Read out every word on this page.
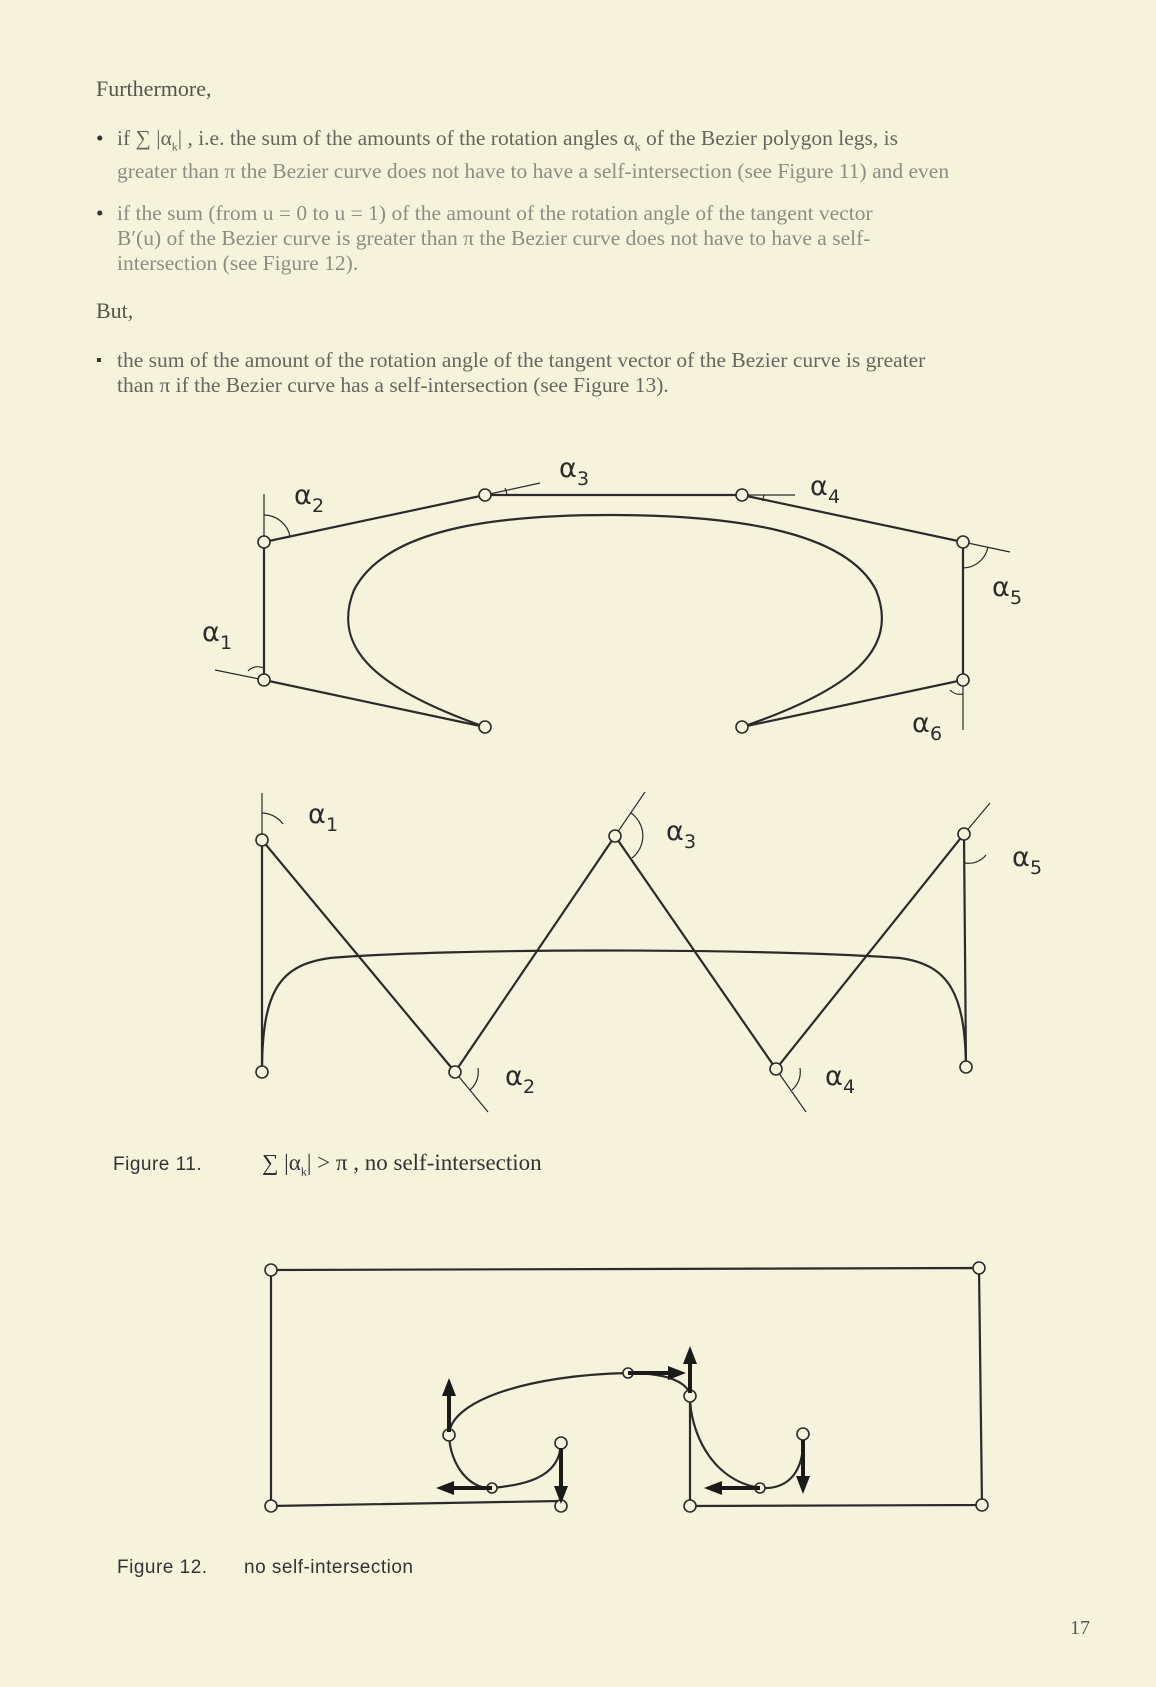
Furthermore,
• if ∑ $|\alpha_k|$ , i.e. the sum of the amounts of the rotation angles $\alpha_k$ of the Bezier polygon legs, is
greater than π the Bezier curve does not have to have a self-intersection (see Figure 11) and even
• if the sum (from u = 0 to u = 1) of the amount of the rotation angle of the tangent vector
B′(u) of the Bezier curve is greater than π the Bezier curve does not have to have a self-
intersection (see Figure 12).
But,
▪ the sum of the amount of the rotation angle of the tangent vector of the Bezier curve is greater
than π if the Bezier curve has a self-intersection (see Figure 13).
α 1
α 2
α 3	α 4
α 5
α 6
α 1
α 2
α 3
α 4
α 5
Figure 11.	∑ $|\alpha_k| > \pi$ , no self-intersection
Figure 12. no self-intersection
17
